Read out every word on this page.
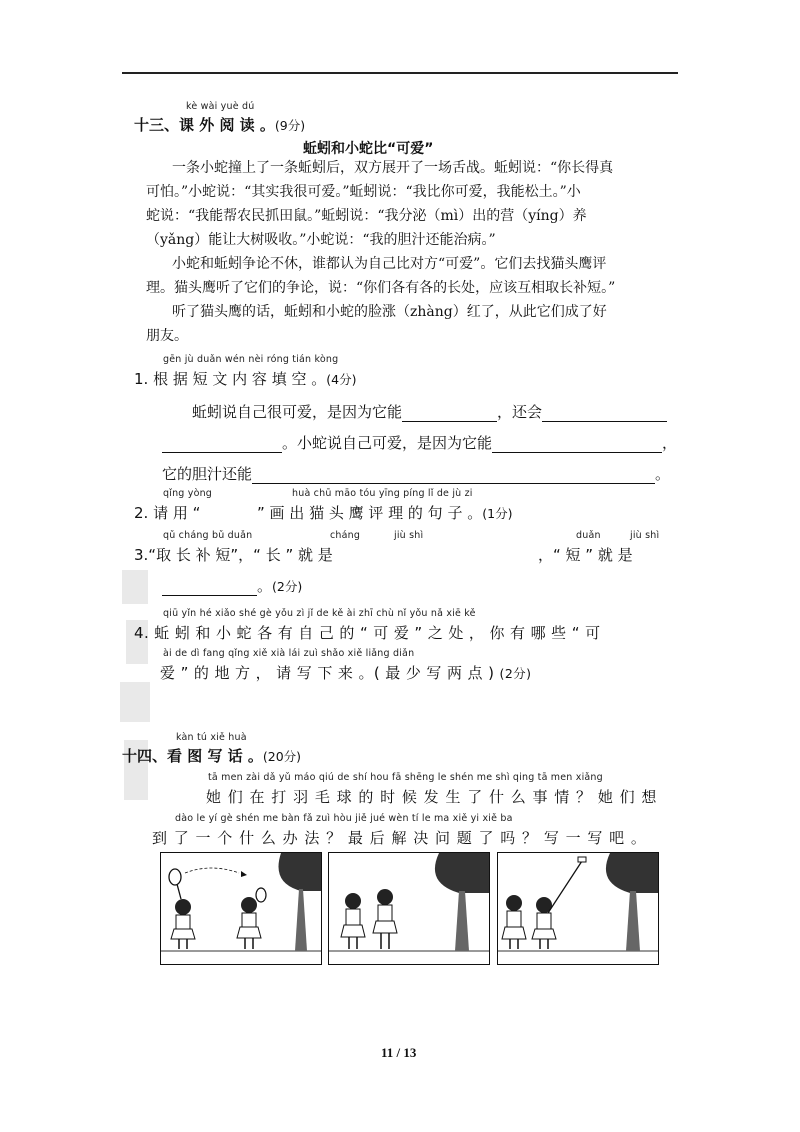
kè wài yuè dú
十三、课 外 阅 读 。(9分)
蚯蚓和小蛇比“可爱”
一条小蛇撞上了一条蚯蚓后，双方展开了一场舌战。蚯蚓说：“你长得真
可怕。”小蛇说：“其实我很可爱。”蚯蚓说：“我比你可爱，我能松土。”小
蛇说：“我能帮农民抓田鼠。”蚯蚓说：“我分泌（mì）出的营（yíng）养
（yǎng）能让大树吸收。”小蛇说：“我的胆汁还能治病。”
小蛇和蚯蚓争论不休，谁都认为自己比对方“可爱”。它们去找猫头鹰评
理。猫头鹰听了它们的争论，说：“你们各有各的长处，应该互相取长补短。”
听了猫头鹰的话，蚯蚓和小蛇的脸涨（zhàng）红了，从此它们成了好
朋友。
gēn jù duǎn wén nèi róng tián kòng
1. 根 据 短 文 内 容 填 空 。(4分)
蚯蚓说自己很可爱，是因为它能	，还会
。小蛇说自己可爱，是因为它能	，
它的胆汁还能	。
qǐng yòng	huà chū māo tóu yīng píng lǐ de jù zi
2. 请 用 “	” 画 出 猫 头 鹰 评 理 的 句 子 。(1分)
qǔ cháng bǔ duǎn	cháng	jiù shì	duǎn	jiù shì
3.“取 长 补 短”，“ 长 ” 就 是	，“ 短 ” 就 是
。(2分)
qiū yǐn hé xiǎo shé gè yǒu zì jǐ de kě ài zhī chù nǐ yǒu nǎ xiē kě
4. 蚯 蚓 和 小 蛇 各 有 自 己 的 “ 可 爱 ” 之 处 ， 你 有 哪 些 “ 可
ài de dì fang qǐng xiě xià lái zuì shǎo xiě liǎng diǎn
爱 ” 的 地 方 ， 请 写 下 来 。( 最 少 写 两 点 ) (2分)
kàn tú xiě huà
十四、看 图 写 话 。(20分)
tā men zài dǎ yǔ máo qiú de shí hou fā shēng le shén me shì qing tā men xiǎng
她 们 在 打 羽 毛 球 的 时 候 发 生 了 什 么 事 情 ？ 她 们 想
dào le yí gè shén me bàn fǎ zuì hòu jiě jué wèn tí le ma xiě yi xiě ba
到 了 一 个 什 么 办 法 ？ 最 后 解 决 问 题 了 吗 ？ 写 一 写 吧 。
11 / 13
